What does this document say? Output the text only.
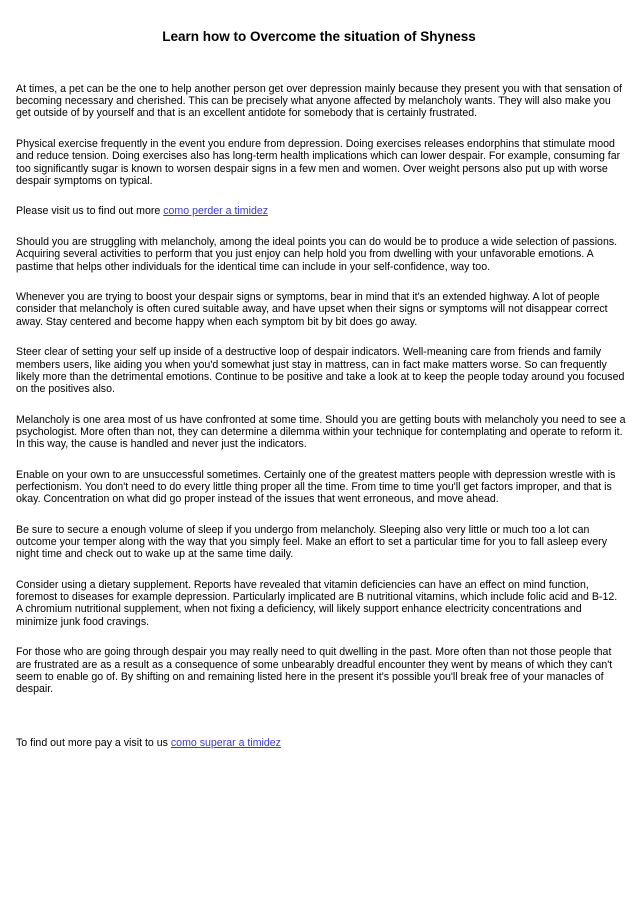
Learn how to Overcome the situation of Shyness

At times, a pet can be the one to help another person get over depression mainly because they present you with that sensation of becoming necessary and cherished. This can be precisely what anyone affected by melancholy wants. They will also make you get outside of by yourself and that is an excellent antidote for somebody that is certainly frustrated.

Physical exercise frequently in the event you endure from depression. Doing exercises releases endorphins that stimulate mood and reduce tension. Doing exercises also has long-term health implications which can lower despair. For example, consuming far too significantly sugar is known to worsen despair signs in a few men and women. Over weight persons also put up with worse despair symptoms on typical.

Please visit us to find out more como perder a timidez

Should you are struggling with melancholy, among the ideal points you can do would be to produce a wide selection of passions. Acquiring several activities to perform that you just enjoy can help hold you from dwelling with your unfavorable emotions. A pastime that helps other individuals for the identical time can include in your self-confidence, way too.

Whenever you are trying to boost your despair signs or symptoms, bear in mind that it's an extended highway. A lot of people consider that melancholy is often cured suitable away, and have upset when their signs or symptoms will not disappear correct away. Stay centered and become happy when each symptom bit by bit does go away.

Steer clear of setting your self up inside of a destructive loop of despair indicators. Well-meaning care from friends and family members users, like aiding you when you'd somewhat just stay in mattress, can in fact make matters worse. So can frequently likely more than the detrimental emotions. Continue to be positive and take a look at to keep the people today around you focused on the positives also.

Melancholy is one area most of us have confronted at some time. Should you are getting bouts with melancholy you need to see a psychologist. More often than not, they can determine a dilemma within your technique for contemplating and operate to reform it. In this way, the cause is handled and never just the indicators.

Enable on your own to are unsuccessful sometimes. Certainly one of the greatest matters people with depression wrestle with is perfectionism. You don't need to do every little thing proper all the time. From time to time you'll get factors improper, and that is okay. Concentration on what did go proper instead of the issues that went erroneous, and move ahead.

Be sure to secure a enough volume of sleep if you undergo from melancholy. Sleeping also very little or much too a lot can outcome your temper along with the way that you simply feel. Make an effort to set a particular time for you to fall asleep every night time and check out to wake up at the same time daily.

Consider using a dietary supplement. Reports have revealed that vitamin deficiencies can have an effect on mind function, foremost to diseases for example depression. Particularly implicated are B nutritional vitamins, which include folic acid and B-12. A chromium nutritional supplement, when not fixing a deficiency, will likely support enhance electricity concentrations and minimize junk food cravings.

For those who are going through despair you may really need to quit dwelling in the past. More often than not those people that are frustrated are as a result as a consequence of some unbearably dreadful encounter they went by means of which they can't seem to enable go of. By shifting on and remaining listed here in the present it's possible you'll break free of your manacles of despair.

To find out more pay a visit to us como superar a timidez
